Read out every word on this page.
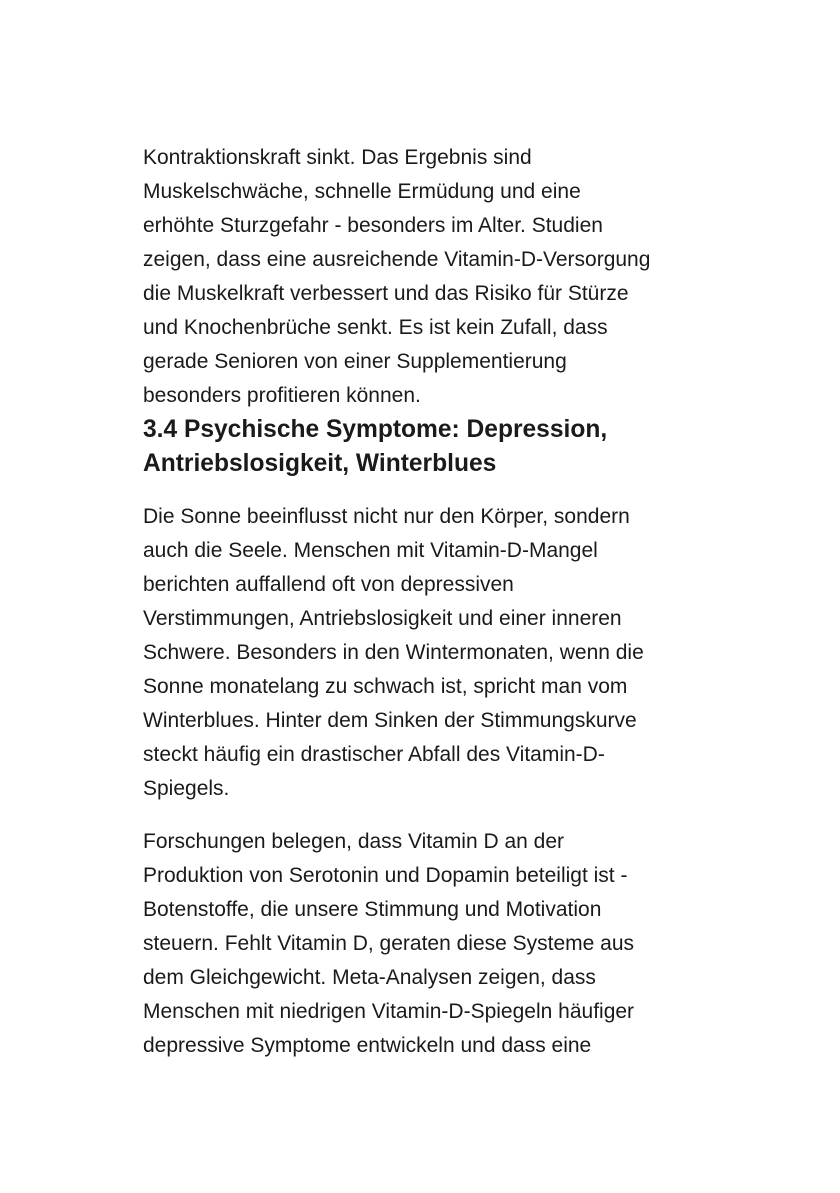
Kontraktionskraft sinkt. Das Ergebnis sind
Muskelschwäche, schnelle Ermüdung und eine
erhöhte Sturzgefahr - besonders im Alter. Studien
zeigen, dass eine ausreichende Vitamin-D-Versorgung
die Muskelkraft verbessert und das Risiko für Stürze
und Knochenbrüche senkt. Es ist kein Zufall, dass
gerade Senioren von einer Supplementierung
besonders profitieren können.

3.4 Psychische Symptome: Depression,
Antriebslosigkeit, Winterblues

Die Sonne beeinflusst nicht nur den Körper, sondern
auch die Seele. Menschen mit Vitamin-D-Mangel
berichten auffallend oft von depressiven
Verstimmungen, Antriebslosigkeit und einer inneren
Schwere. Besonders in den Wintermonaten, wenn die
Sonne monatelang zu schwach ist, spricht man vom
Winterblues. Hinter dem Sinken der Stimmungskurve
steckt häufig ein drastischer Abfall des Vitamin-D-
Spiegels.

Forschungen belegen, dass Vitamin D an der
Produktion von Serotonin und Dopamin beteiligt ist -
Botenstoffe, die unsere Stimmung und Motivation
steuern. Fehlt Vitamin D, geraten diese Systeme aus
dem Gleichgewicht. Meta-Analysen zeigen, dass
Menschen mit niedrigen Vitamin-D-Spiegeln häufiger
depressive Symptome entwickeln und dass eine
